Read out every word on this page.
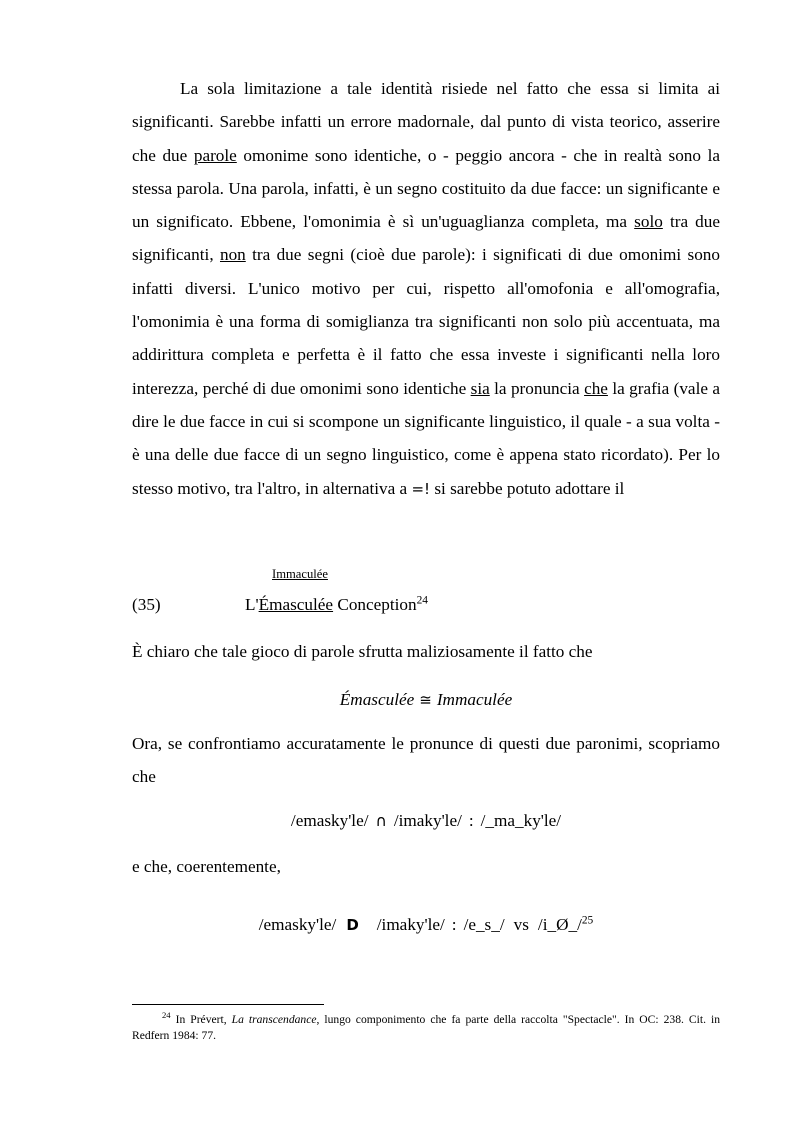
La sola limitazione a tale identità risiede nel fatto che essa si limita ai significanti. Sarebbe infatti un errore madornale, dal punto di vista teorico, asserire che due parole omonime sono identiche, o - peggio ancora - che in realtà sono la stessa parola. Una parola, infatti, è un segno costituito da due facce: un significante e un significato. Ebbene, l'omonimia è sì un'uguaglianza completa, ma solo tra due significanti, non tra due segni (cioè due parole): i significati di due omonimi sono infatti diversi. L'unico motivo per cui, rispetto all'omofonia e all'omografia, l'omonimia è una forma di somiglianza tra significanti non solo più accentuata, ma addirittura completa e perfetta è il fatto che essa investe i significanti nella loro interezza, perché di due omonimi sono identiche sia la pronuncia che la grafia (vale a dire le due facce in cui si scompone un significante linguistico, il quale - a sua volta - è una delle due facce di un segno linguistico, come è appena stato ricordato). Per lo stesso motivo, tra l'altro, in alternativa a =! si sarebbe potuto adottare il

Immaculée
(35)	L'Émasculée Conception$^{24}$
È chiaro che tale gioco di parole sfrutta maliziosamente il fatto che
Émasculée ≅ Immaculée

Ora, se confrontiamo accuratamente le pronunce di questi due paronimi, scopriamo che

/emasky'le/ ∩ /imaky'le/ : /_ma_ky'le/
e che, coerentemente,
/emasky'le/ D /imaky'le/ : /e_s_/ vs /i_Ø_/$^{25}$
$^{24}$ In Prévert, La transcendance, lungo componimento che fa parte della raccolta "Spectacle". In OC: 238. Cit. in Redfern 1984: 77.
